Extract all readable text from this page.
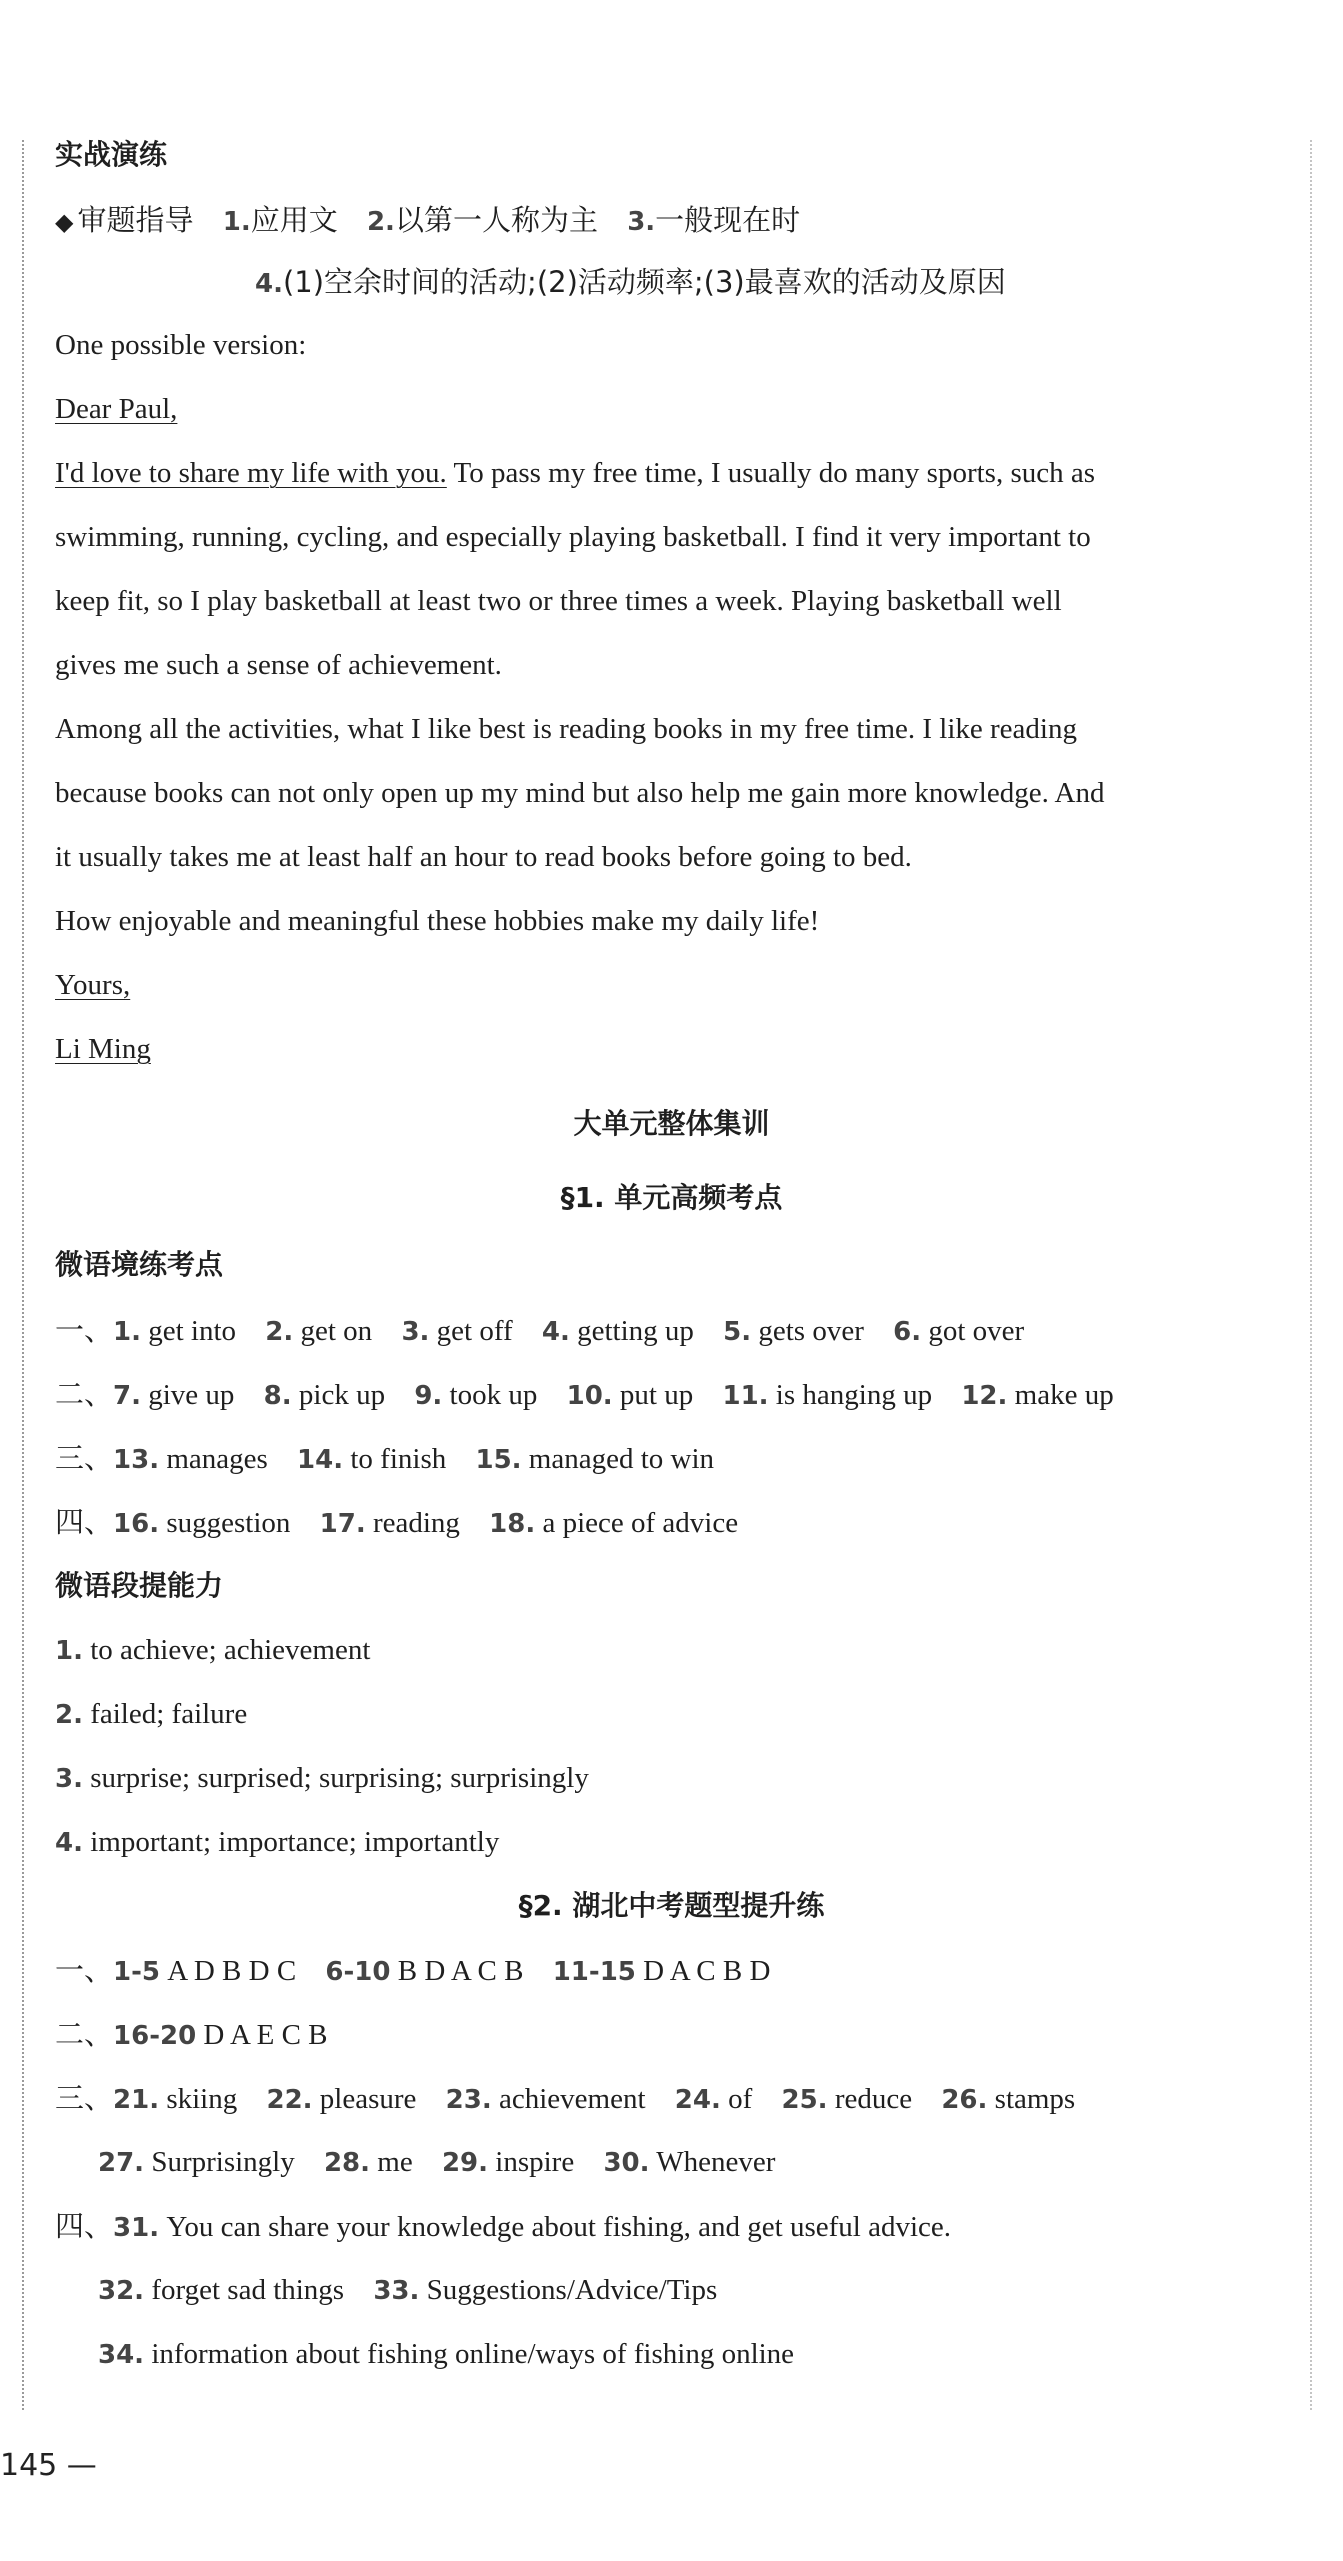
实战演练
◆ 审题指导 1.应用文 2.以第一人称为主 3.一般现在时
4.(1)空余时间的活动;(2)活动频率;(3)最喜欢的活动及原因
One possible version:
Dear Paul,
I'd love to share my life with you. To pass my free time, I usually do many sports, such as
swimming, running, cycling, and especially playing basketball. I find it very important to
keep fit, so I play basketball at least two or three times a week. Playing basketball well
gives me such a sense of achievement.
Among all the activities, what I like best is reading books in my free time. I like reading
because books can not only open up my mind but also help me gain more knowledge. And
it usually takes me at least half an hour to read books before going to bed.
How enjoyable and meaningful these hobbies make my daily life!
Yours,
Li Ming
大单元整体集训
§1. 单元高频考点
微语境练考点
一、1. get into 2. get on 3. get off 4. getting up 5. gets over 6. got over
二、7. give up 8. pick up 9. took up 10. put up 11. is hanging up 12. make up
三、13. manages 14. to finish 15. managed to win
四、16. suggestion 17. reading 18. a piece of advice
微语段提能力
1. to achieve; achievement
2. failed; failure
3. surprise; surprised; surprising; surprisingly
4. important; importance; importantly
§2. 湖北中考题型提升练
一、1-5 A D B D C 6-10 B D A C B 11-15 D A C B D
二、16-20 D A E C B
三、21. skiing 22. pleasure 23. achievement 24. of 25. reduce 26. stamps
27. Surprisingly 28. me 29. inspire 30. Whenever
四、31. You can share your knowledge about fishing, and get useful advice.
32. forget sad things 33. Suggestions/Advice/Tips
34. information about fishing online/ways of fishing online
145 —
